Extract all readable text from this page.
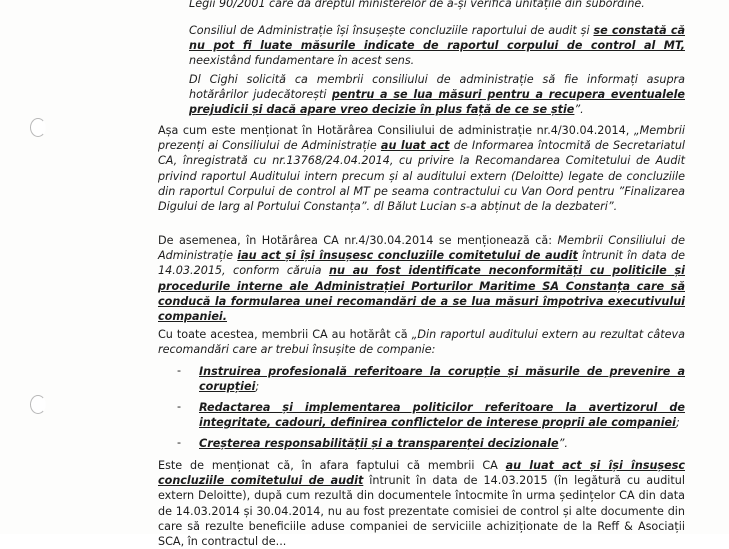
Legii 90/2001 care dă dreptul ministerelor de a-și verifica unitățile din subordine.
Consiliul de Administrație își însușește concluziile raportului de audit și se constată că nu pot fi luate măsurile indicate de raportul corpului de control al MT, neexistând fundamentare în acest sens.
Dl Cighi solicită ca membrii consiliului de administrație să fie informați asupra hotărârilor judecătorești pentru a se lua măsuri pentru a recupera eventualele prejudicii și dacă apare vreo decizie în plus față de ce se știe”.
Așa cum este menționat în Hotărârea Consiliului de administrație nr.4/30.04.2014, „Membrii prezenți ai Consiliului de Administrație au luat act de Informarea întocmită de Secretariatul CA, înregistrată cu nr.13768/24.04.2014, cu privire la Recomandarea Comitetului de Audit privind raportul Auditului intern precum și al auditului extern (Deloitte) legate de concluziile din raportul Corpului de control al MT pe seama contractului cu Van Oord pentru ”Finalizarea Digului de larg al Portului Constanța”. dl Bălut Lucian s-a abținut de la dezbateri”.
De asemenea, în Hotărârea CA nr.4/30.04.2014 se menționează că: Membrii Consiliului de Administrație iau act și își însușesc concluziile comitetului de audit întrunit în data de 14.03.2015, conform căruia nu au fost identificate neconformități cu politicile și procedurile interne ale Administrației Porturilor Maritime SA Constanța care să conducă la formularea unei recomandări de a se lua măsuri împotriva executivului companiei.
Cu toate acestea, membrii CA au hotărât că „Din raportul auditului extern au rezultat câteva recomandări care ar trebui însușite de companie:
- Instruirea profesională referitoare la corupție și măsurile de prevenire a corupției;
- Redactarea și implementarea politicilor referitoare la avertizorul de integritate, cadouri, definirea conflictelor de interese proprii ale companiei;
- Creșterea responsabilității și a transparenței decizionale”.
Este de menționat că, în afara faptului că membrii CA au luat act și își însușesc concluziile comitetului de audit întrunit în data de 14.03.2015 (în legătură cu auditul extern Deloitte), după cum rezultă din documentele întocmite în urma ședințelor CA din data de 14.03.2014 și 30.04.2014, nu au fost prezentate comisiei de control și alte documente din care să rezulte beneficiile aduse companiei de serviciile achiziționate de la Reff & Asociații SCA, în contractul de...
